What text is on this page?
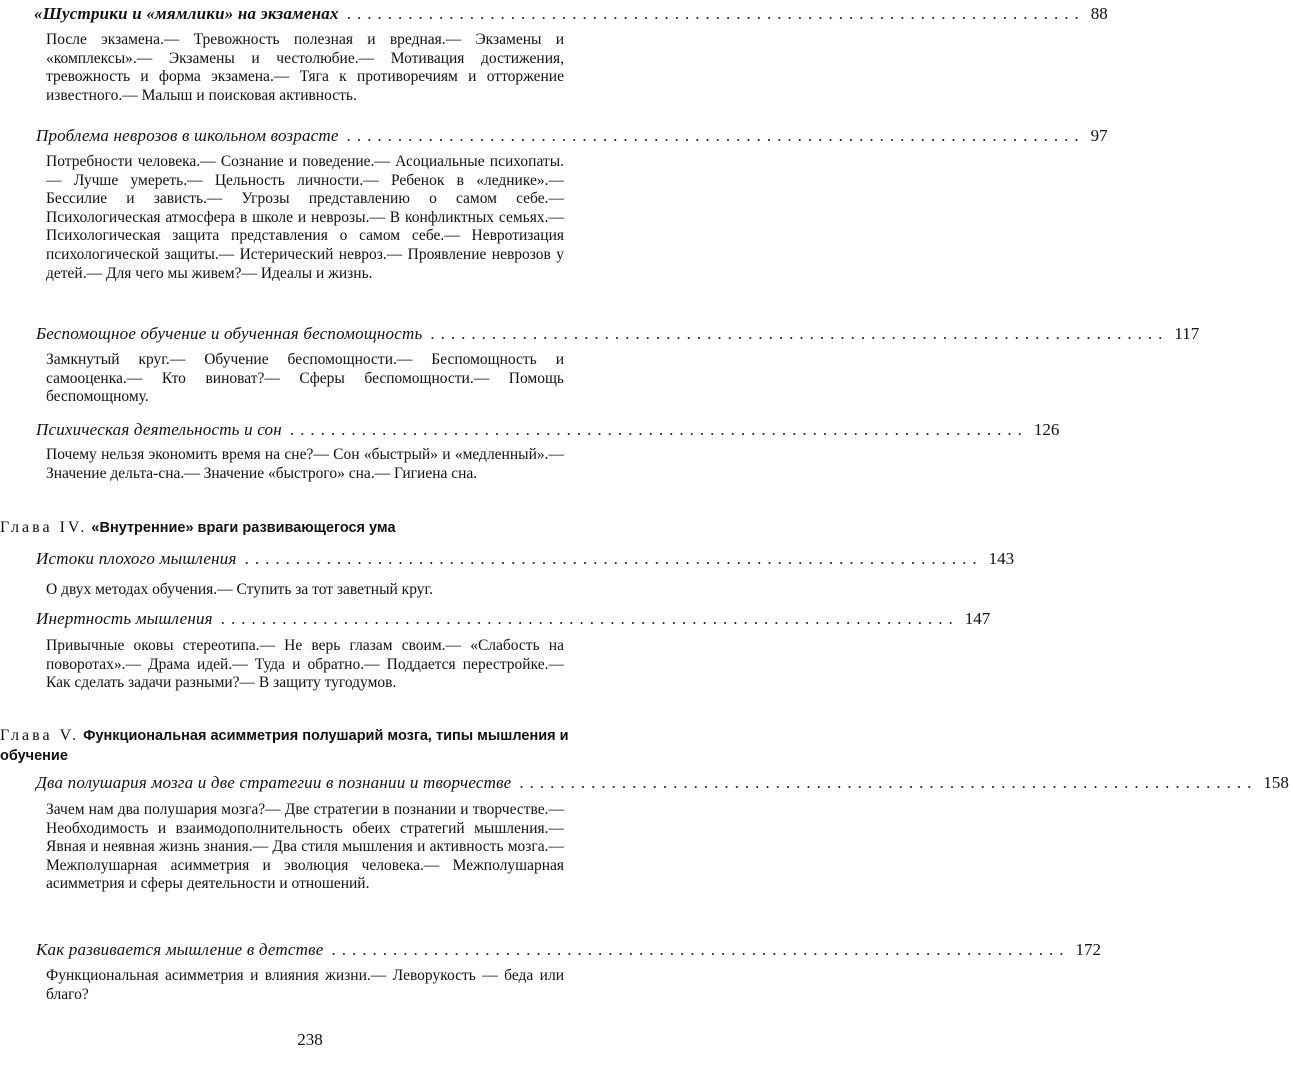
«Шустрики и «мямлики» на экзаменах ........................................................................ 88
После экзамена.— Тревожность полезная и вредная.— Экзамены и «комплексы».— Экзамены и честолюбие.— Мотивация достижения, тревожность и форма экзамена.— Тяга к противоречиям и отторжение известного.— Малыш и поисковая активность.
Проблема неврозов в школьном возрасте ........................................................................ 97
Потребности человека.— Сознание и поведение.— Асоциальные психопаты.— Лучше умереть.— Цельность личности.— Ребенок в «леднике».— Бессилие и зависть.— Угрозы представлению о самом себе.— Психологическая атмосфера в школе и неврозы.— В конфликтных семьях.— Психологическая защита представления о самом себе.— Невротизация психологической защиты.— Истерический невроз.— Проявление неврозов у детей.— Для чего мы живем?— Идеалы и жизнь.
Беспомощное обучение и обученная беспомощность ........................................................................ 117
Замкнутый круг.— Обучение беспомощности.— Беспомощность и самооценка.— Кто виноват?— Сферы беспомощности.— Помощь беспомощному.
Психическая деятельность и сон ........................................................................ 126
Почему нельзя экономить время на сне?— Сон «быстрый» и «медленный».— Значение дельта-сна.— Значение «быстрого» сна.— Гигиена сна.
Глава IV. «Внутренние» враги развивающегося ума
Истоки плохого мышления ........................................................................ 143
О двух методах обучения.— Ступить за тот заветный круг.
Инертность мышления ........................................................................ 147
Привычные оковы стереотипа.— Не верь глазам своим.— «Слабость на поворотах».— Драма идей.— Туда и обратно.— Поддается перестройке.— Как сделать задачи разными?— В защиту тугодумов.
Глава V. Функциональная асимметрия полушарий мозга, типы мышления и обучение
Два полушария мозга и две стратегии в познании и творчестве ........................................................................ 158
Зачем нам два полушария мозга?— Две стратегии в познании и творчестве.— Необходимость и взаимодополнительность обеих стратегий мышления.— Явная и неявная жизнь знания.— Два стиля мышления и активность мозга.— Межполушарная асимметрия и эволюция человека.— Межполушарная асимметрия и сферы деятельности и отношений.
Как развивается мышление в детстве ........................................................................ 172
Функциональная асимметрия и влияния жизни.— Леворукость — беда или благо?
238
